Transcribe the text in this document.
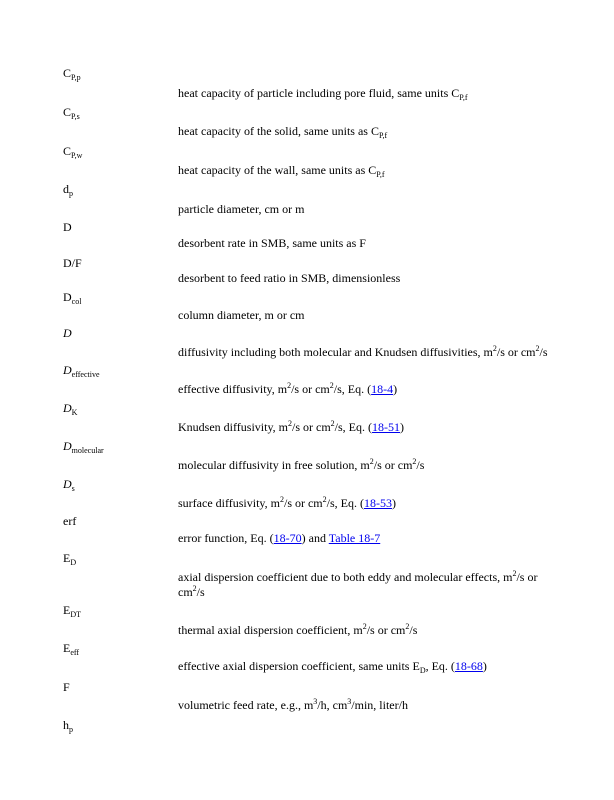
$C_{P,p}$
heat capacity of particle including pore fluid, same units $C_{P,f}$
$C_{P,s}$
heat capacity of the solid, same units as $C_{P,f}$
$C_{P,w}$
heat capacity of the wall, same units as $C_{P,f}$
$d_p$
particle diameter, cm or m
D
desorbent rate in SMB, same units as F
D/F
desorbent to feed ratio in SMB, dimensionless
$D_{col}$
column diameter, m or cm
D
diffusivity including both molecular and Knudsen diffusivities, $m^2/s$ or $cm^2/s$
$D_{effective}$
effective diffusivity, $m^2/s$ or $cm^2/s$, Eq. (18-4)
$D_K$
Knudsen diffusivity, $m^2/s$ or $cm^2/s$, Eq. (18-51)
$D_{molecular}$
molecular diffusivity in free solution, $m^2/s$ or $cm^2/s$
$D_s$
surface diffusivity, $m^2/s$ or $cm^2/s$, Eq. (18-53)
erf
error function, Eq. (18-70) and Table 18-7
$E_D$
axial dispersion coefficient due to both eddy and molecular effects, $m^2/s$ or $cm^2/s$
$E_{DT}$
thermal axial dispersion coefficient, $m^2/s$ or $cm^2/s$
$E_{eff}$
effective axial dispersion coefficient, same units $E_D$, Eq. (18-68)
F
volumetric feed rate, e.g., $m^3/h$, $cm^3/\min$, liter/h
$h_p$
